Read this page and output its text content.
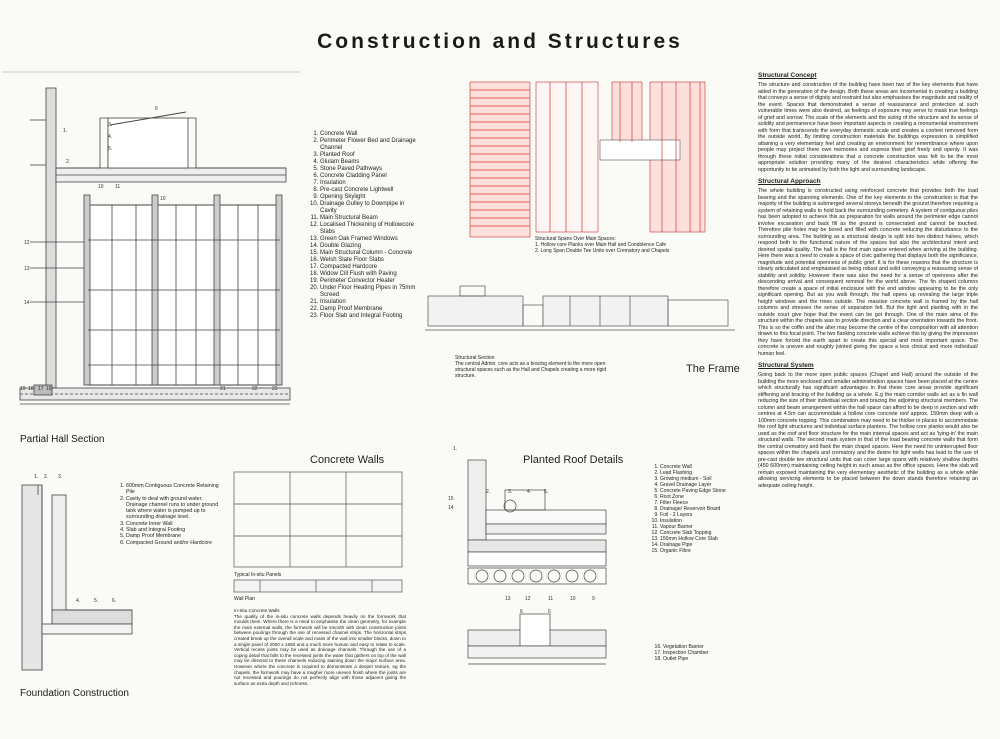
Construction and Structures
1.
2.
3.
4.
5.
6
10 11
10
12
13
14
19 18 17 16	21	22	23
1. 2. 3.
4.	5.	6.
1.
2.	3.	4.	5.
15
14
13	12	11	10	9
6	6
1. Concrete Wall
2. Perimeter Flower Bed and Drainage Channel
3. Planted Roof
4. Glulam Beams
5. Stone Paved Pathways
6. Concrete Cladding Panel
7. Insulation
8. Pre-cast Concrete Lightwell
9. Opening Skylight
10. Drainage Gulley to Downpipe in Cavity
11. Main Structural Beam
12. Localised Thickening of Hollowcore Slabs
13. Green Oak Framed Windows
14. Double Glazing
15. Main Structural Column - Concrete
16. Welsh Slate Floor Slabs
17. Compacted Hardcore
18. Widow Cill Flush with Paving
19. Perimeter Convector Heater
20. Under Floor Heating Pipes in 75mm Screed
21. Insulation
22. Damp Proof Membrane
23. Floor Slab and Integral Footing
Partial Hall Section
Structural Spans Over Main Spaces:
1. Hollow core Planks over Main Hall and Condolence Cafe
2. Long Span Double Tee Units over Crematory and Chapels
Structural Section
The central Admin. core acts as a bracing element to the more open structural spaces such as the Hall and Chapels creating a more rigid structure.
The Frame
1. 600mm Contiguous Concrete Retaining Pile
2. Cavity to deal with ground water. Drainage channel runs to under ground tank where water is pumped up to surrounding drainage level.
3. Concrete Inner Wall
4. Slab and Integral Footing
5. Damp Proof Membrane
6. Compacted Ground and/or Hardcore
Foundation Construction
Concrete Walls
Typical In-situ Panels
Wall Plan
In-Situ Concrete Walls
The quality of the in-situ concrete walls depends heavily on the formwork that moulds them. Where there is a need to emphasise the clean geometry, for example the main external walls, the formwork will be smooth with clean construction joints between pourings through the use of recessed channel strips. The horizontal strips created break up the overall scale and mass of the wall into smaller blocks, down to a single panel of 2000 x 1650 and a much more human and easy to relate to scale. Vertical recess joints may be used as drainage channels. Through the use of a coping detail that falls to the recessed joints the water that gathers on top of the wall may be directed to these channels reducing staining down the major surface area. However where the concrete is required to demonstrate a deeper texture, eg the chapels, the formwork may have a rougher more uneven finish where the joints are not recessed and pourings do not perfectly align with those adjacent giving the surface an extra depth and richness.
Planted Roof Details
1. Concrete Wall
2. Lead Flashing
3. Growing medium - Soil
4. Gravel Drainage Layer
5. Concrete Paving Edge Stone
6. Root Zone
7. Filter Fleece
8. Drainage/ Reservoir Board
9. Foil - 2 Layers
10. Insulation
11. Vapour Barrier
12. Concrete Slab Topping
13. 150mm Hollow Core Slab
14. Drainage Pipe
15. Organic Fibre
16. Vegetation Barrier
17. Inspection Chamber
18. Outlet Pipe
Structural Concept
The structure and construction of the building have been two of the key elements that have aided in the generation of the design. Both these areas are incremental in creating a building that conveys a sense of dignity and restraint but also emphasises the magnitude and reality of the event. Spaces that demonstrated a sense of reassurance and protection at such vulnerable times were also desired, as feelings of exposure may serve to mask true feelings of grief and sorrow. The scale of the elements and the sizing of the structure and its sense of solidity and permanence have been important aspects in creating a monumental environment with form that transcends the everyday domestic scale and creates a context removed form the outside world. By limiting construction materials the buildings expression is simplified attaining a very elementary feel and creating an environment for remembrance where upon people may project there own memories and express their grief freely and openly. It was through these initial considerations that a concrete construction was felt to be the most appropriate solution providing many of the desired characteristics while offering the opportunity to be animated by both the light and surrounding landscape.
Structural Approach
The whole building is constructed using reinforced concrete that provides both the load bearing and the spanning elements. One of the key elements in the construction is that the majority of the building is submerged several storeys beneath the ground therefore requiring a system of retaining walls to hold back the surrounding cemetery. A system of contiguous piles has been adopted to achieve this as preparation for walls around the perimeter edge cannot involve excavation and back fill as the ground is consecrated and cannot be touched. Therefore pile holes may be bored and filled with concrete reducing the disturbance to the surrounding area. The building as a structural design is split into two distinct halves, which respond both to the functional nature of the spaces but also the architectural intent and desired spatial quality. The hall is the first main space entered when arriving at the building. Here there was a need to create a space of civic gathering that displays both the significance, magnitude and potential openness of public grief. It is for these reasons that the structure is clearly articulated and emphasised as being robust and solid conveying a reassuring sense of stability and solidity. However there was also the need for a sense of openness after the descending arrival and consequent removal for the world above. The fin shaped columns therefore create a space of initial enclosure with the end window appearing to be the only significant opening. But as you walk through, the hall opens up revealing the large triple height windows and the trees outside. The massive concrete wall is framed by the hall columns and stresses the sense of separation felt. But the light and planting with in the outside court give hope that the event can be got through. One of the main aims of the structure within the chapels was to provide direction and a clear orientation towards the front. This is so the coffin and the alter may become the centre of the composition with all attention drawn to this focal point. The two flanking concrete walls achieve this by giving the impression they have forced the earth apart to create this special and most important space. The concrete is uneven and roughly jointed giving the space a less clinical and more individual/ human feel.
Structural System
Going back to the more open public spaces (Chapel and Hall) around the outside of the building the more enclosed and smaller administration spaces have been placed at the centre which structurally has significant advantages in that these core areas provide significant stiffening and bracing of the building as a whole. E.g the main corridor walls act as a fin wall reducing the size of their individual section and bracing the adjoining structural members. The column and beam arrangement within the hall space can afford to be deep in section and with centres at 4.5m can accommodate a hollow core concrete roof approx. 150mm deep with a 100mm concrete topping. This combination may need to be thicker in places to accommodate the roof light structures and individual surface planters. The hollow core planks would also be used as the roof and floor structure for the main internal spaces and act as 'tying-in' the main structural walls. The second main system in that of the load bearing concrete walls that form the central crematory and flank the main chapel spaces. Here the need for uninterrupted floor spaces within the chapels and crematory and the desire for light wells has lead to the use of pre-cast double tee structural units that can cover large spans with relatively shallow depths (450 600mm) maintaining ceiling height in such areas as the office spaces. Here the slab will remain exposed maintaining the very elementary aesthetic of the building as a whole while allowing servicing elements to be placed between the down stands therefore retaining an adequate ceiling height.
